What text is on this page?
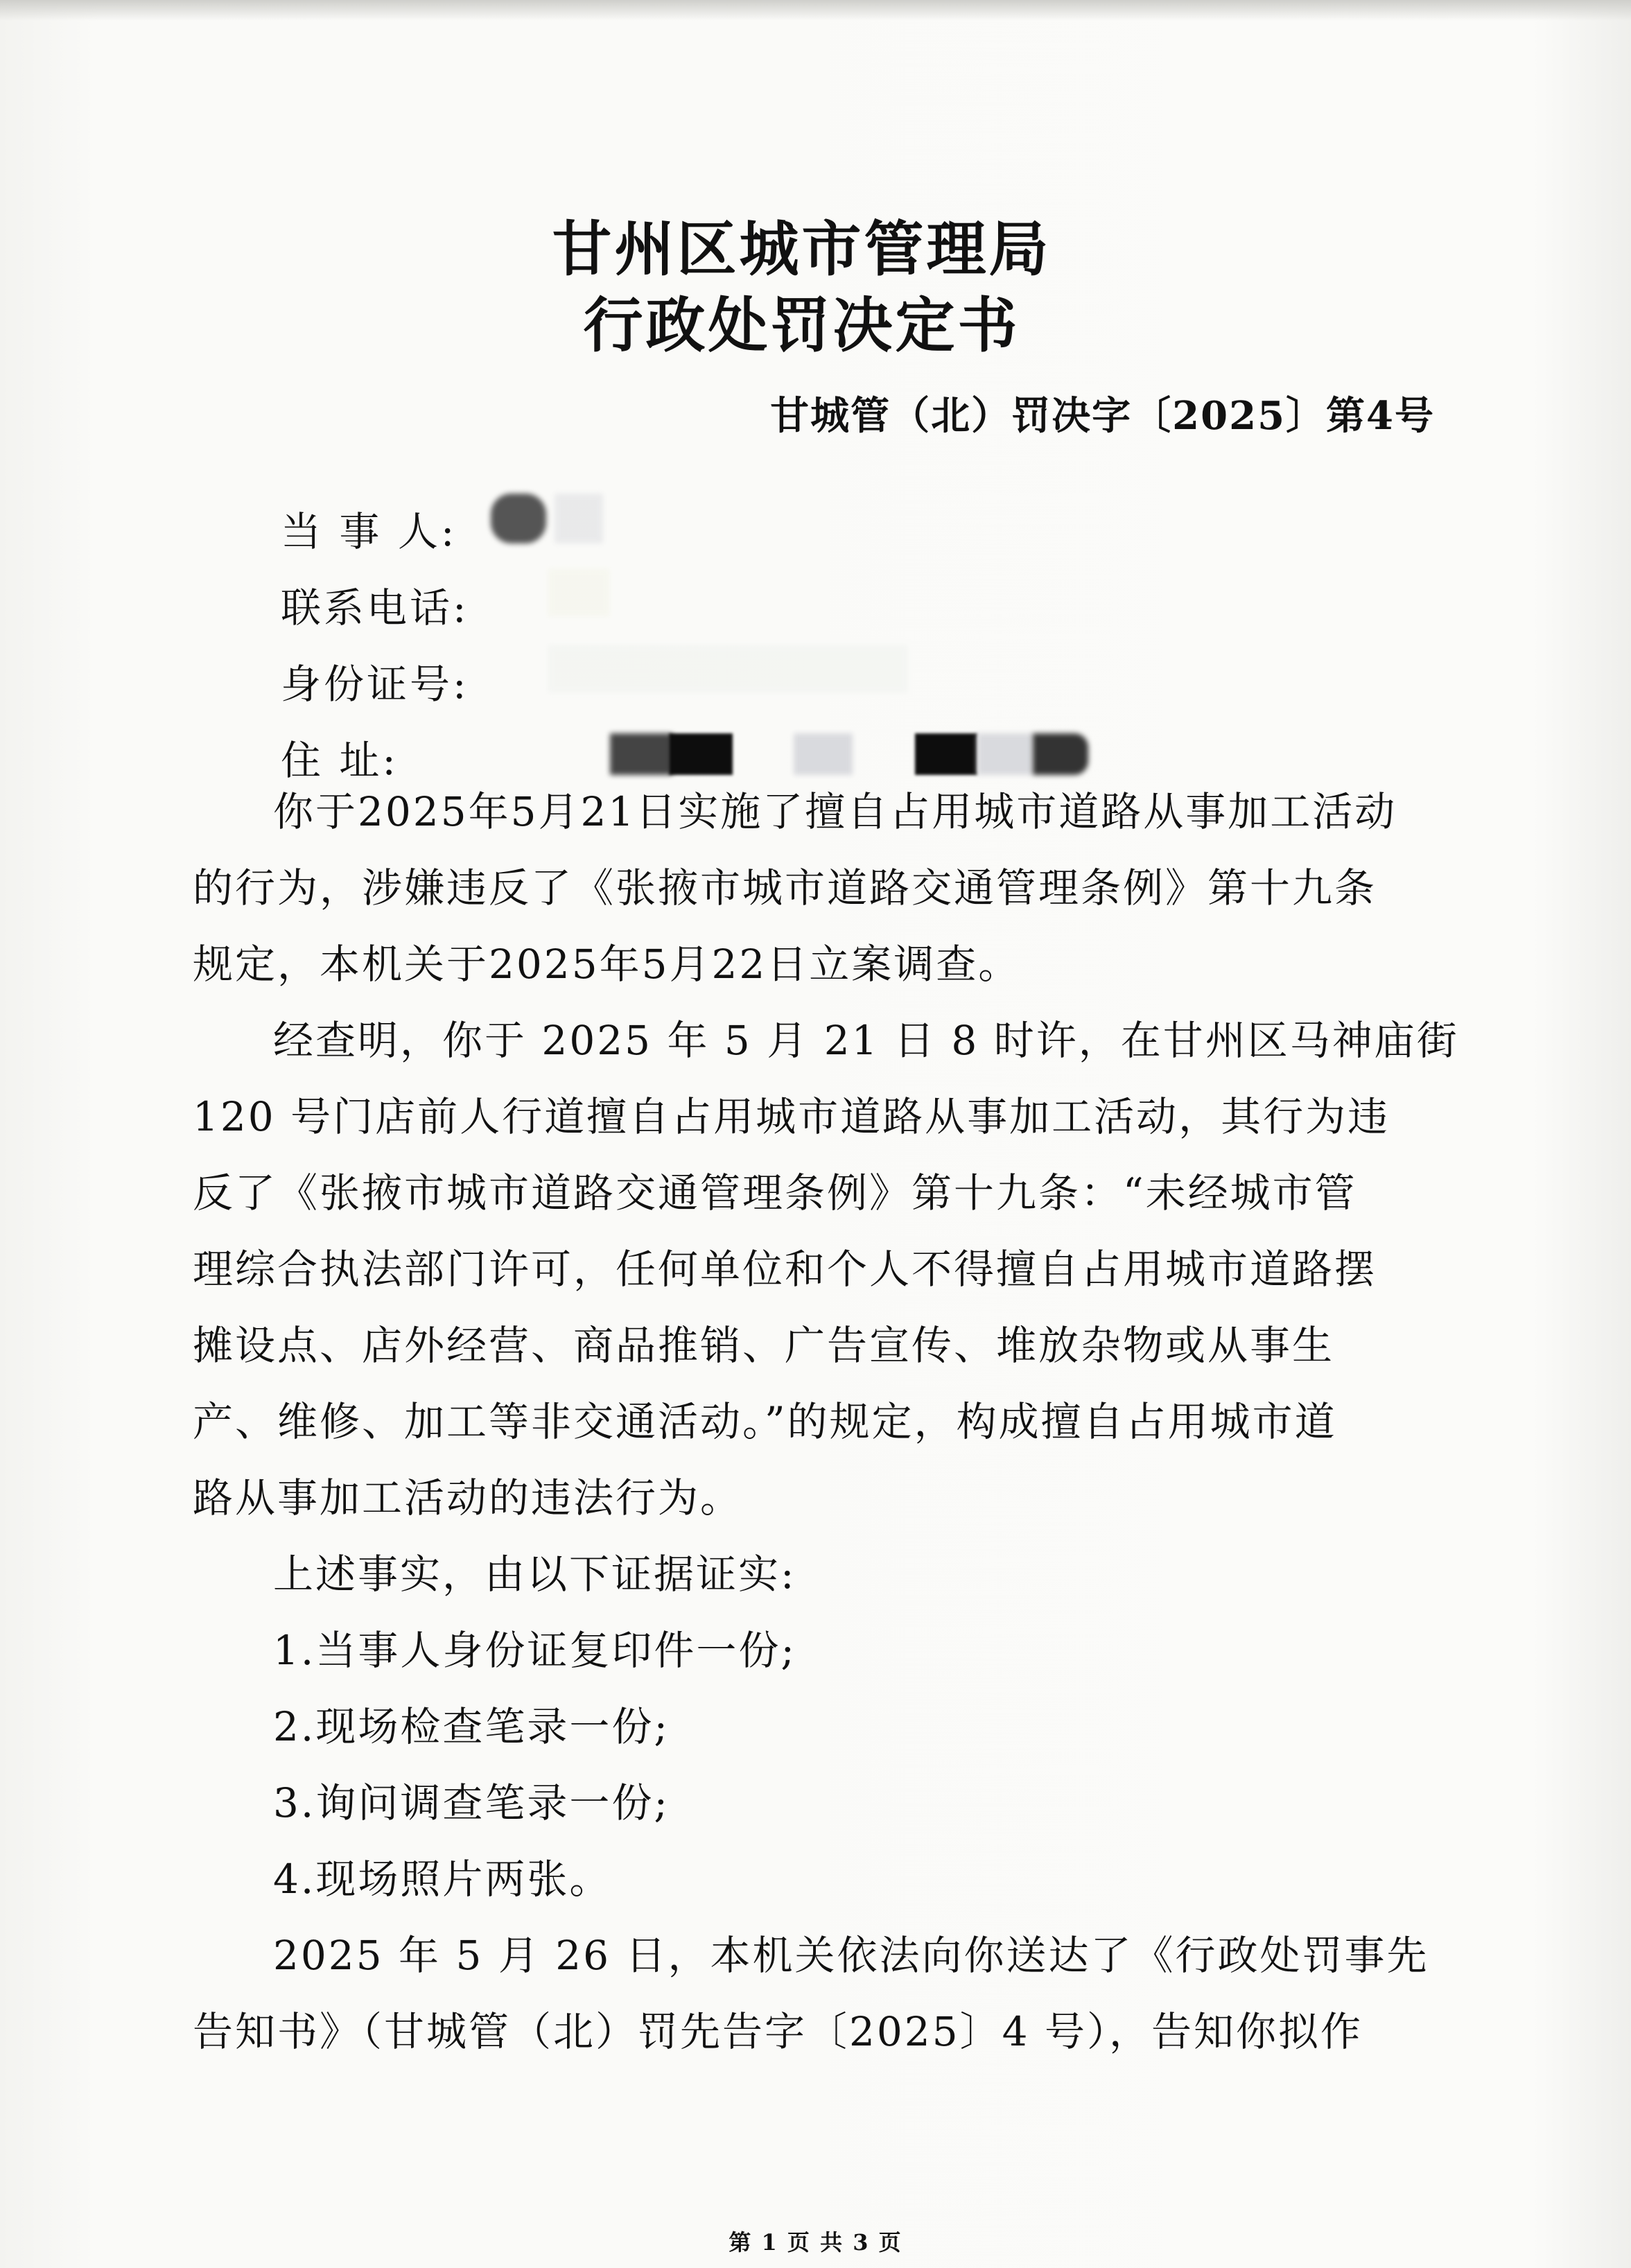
甘州区城市管理局
行政处罚决定书
甘城管（北）罚决字〔2025〕第4号
当 事 人:
联系电话:
身份证号:
住 址:
你于2025年5月21日实施了擅自占用城市道路从事加工活动
的行为，涉嫌违反了《张掖市城市道路交通管理条例》第十九条
规定，本机关于2025年5月22日立案调查。
经查明，你于 2025 年 5 月 21 日 8 时许，在甘州区马神庙街
120 号门店前人行道擅自占用城市道路从事加工活动，其行为违
反了《张掖市城市道路交通管理条例》第十九条：“未经城市管
理综合执法部门许可，任何单位和个人不得擅自占用城市道路摆
摊设点、店外经营、商品推销、广告宣传、堆放杂物或从事生
产、维修、加工等非交通活动。”的规定，构成擅自占用城市道
路从事加工活动的违法行为。
上述事实，由以下证据证实:
1.当事人身份证复印件一份;
2.现场检查笔录一份;
3.询问调查笔录一份;
4.现场照片两张。
2025 年 5 月 26 日，本机关依法向你送达了《行政处罚事先
告知书》（甘城管（北）罚先告字〔2025〕4 号），告知你拟作
第 1 页 共 3 页
